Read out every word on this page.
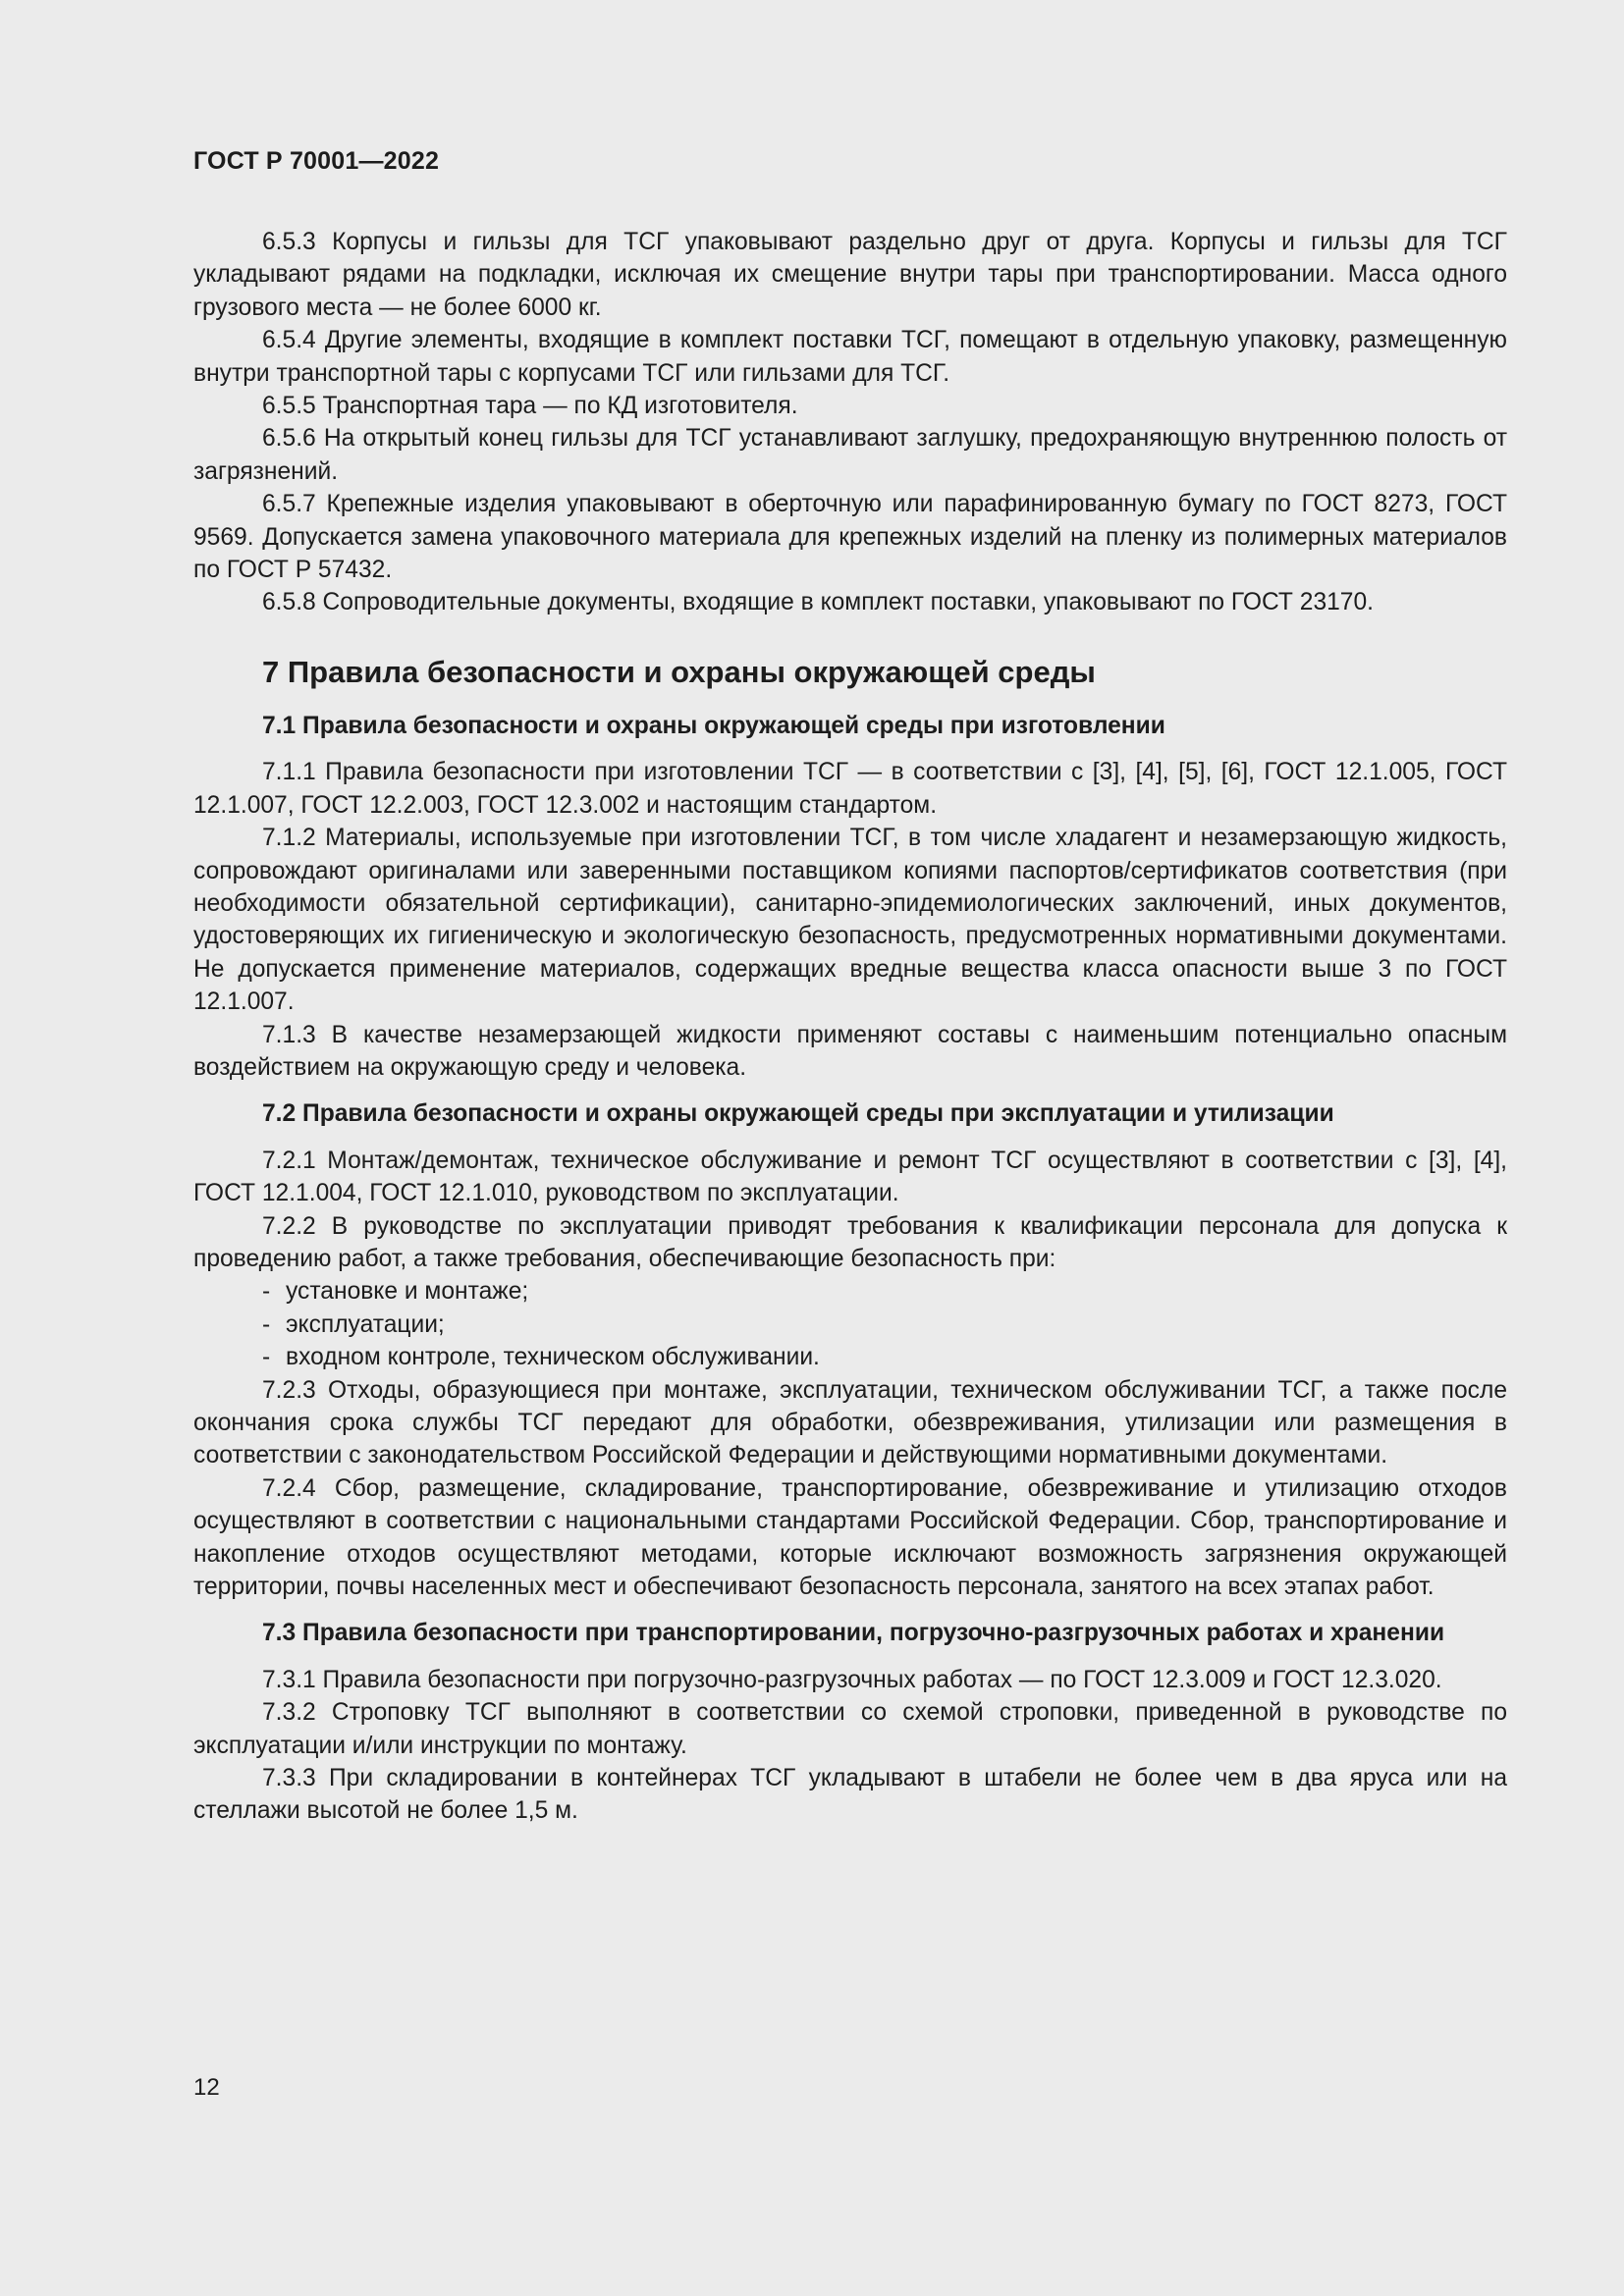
ГОСТ Р 70001—2022

6.5.3 Корпусы и гильзы для ТСГ упаковывают раздельно друг от друга. Корпусы и гильзы для ТСГ укладывают рядами на подкладки, исключая их смещение внутри тары при транспортировании. Масса одного грузового места — не более 6000 кг.

6.5.4 Другие элементы, входящие в комплект поставки ТСГ, помещают в отдельную упаковку, размещенную внутри транспортной тары с корпусами ТСГ или гильзами для ТСГ.

6.5.5 Транспортная тара — по КД изготовителя.

6.5.6 На открытый конец гильзы для ТСГ устанавливают заглушку, предохраняющую внутреннюю полость от загрязнений.

6.5.7 Крепежные изделия упаковывают в оберточную или парафинированную бумагу по ГОСТ 8273, ГОСТ 9569. Допускается замена упаковочного материала для крепежных изделий на пленку из полимерных материалов по ГОСТ Р 57432.

6.5.8 Сопроводительные документы, входящие в комплект поставки, упаковывают по ГОСТ 23170.

7 Правила безопасности и охраны окружающей среды
7.1 Правила безопасности и охраны окружающей среды при изготовлении

7.1.1 Правила безопасности при изготовлении ТСГ — в соответствии с [3], [4], [5], [6], ГОСТ 12.1.005, ГОСТ 12.1.007, ГОСТ 12.2.003, ГОСТ 12.3.002 и настоящим стандартом.

7.1.2 Материалы, используемые при изготовлении ТСГ, в том числе хладагент и незамерзающую жидкость, сопровождают оригиналами или заверенными поставщиком копиями паспортов/сертификатов соответствия (при необходимости обязательной сертификации), санитарно-эпидемиологических заключений, иных документов, удостоверяющих их гигиеническую и экологическую безопасность, предусмотренных нормативными документами. Не допускается применение материалов, содержащих вредные вещества класса опасности выше 3 по ГОСТ 12.1.007.

7.1.3 В качестве незамерзающей жидкости применяют составы с наименьшим потенциально опасным воздействием на окружающую среду и человека.

7.2 Правила безопасности и охраны окружающей среды при эксплуатации и утилизации

7.2.1 Монтаж/демонтаж, техническое обслуживание и ремонт ТСГ осуществляют в соответствии с [3], [4], ГОСТ 12.1.004, ГОСТ 12.1.010, руководством по эксплуатации.

7.2.2 В руководстве по эксплуатации приводят требования к квалификации персонала для допуска к проведению работ, а также требования, обеспечивающие безопасность при:

- установке и монтаже;
- эксплуатации;
- входном контроле, техническом обслуживании.

7.2.3 Отходы, образующиеся при монтаже, эксплуатации, техническом обслуживании ТСГ, а также после окончания срока службы ТСГ передают для обработки, обезвреживания, утилизации или размещения в соответствии с законодательством Российской Федерации и действующими нормативными документами.

7.2.4 Сбор, размещение, складирование, транспортирование, обезвреживание и утилизацию отходов осуществляют в соответствии с национальными стандартами Российской Федерации. Сбор, транспортирование и накопление отходов осуществляют методами, которые исключают возможность загрязнения окружающей территории, почвы населенных мест и обеспечивают безопасность персонала, занятого на всех этапах работ.

7.3 Правила безопасности при транспортировании, погрузочно-разгрузочных работах и хранении

7.3.1 Правила безопасности при погрузочно-разгрузочных работах — по ГОСТ 12.3.009 и ГОСТ 12.3.020.

7.3.2 Строповку ТСГ выполняют в соответствии со схемой строповки, приведенной в руководстве по эксплуатации и/или инструкции по монтажу.

7.3.3 При складировании в контейнерах ТСГ укладывают в штабели не более чем в два яруса или на стеллажи высотой не более 1,5 м.

12
